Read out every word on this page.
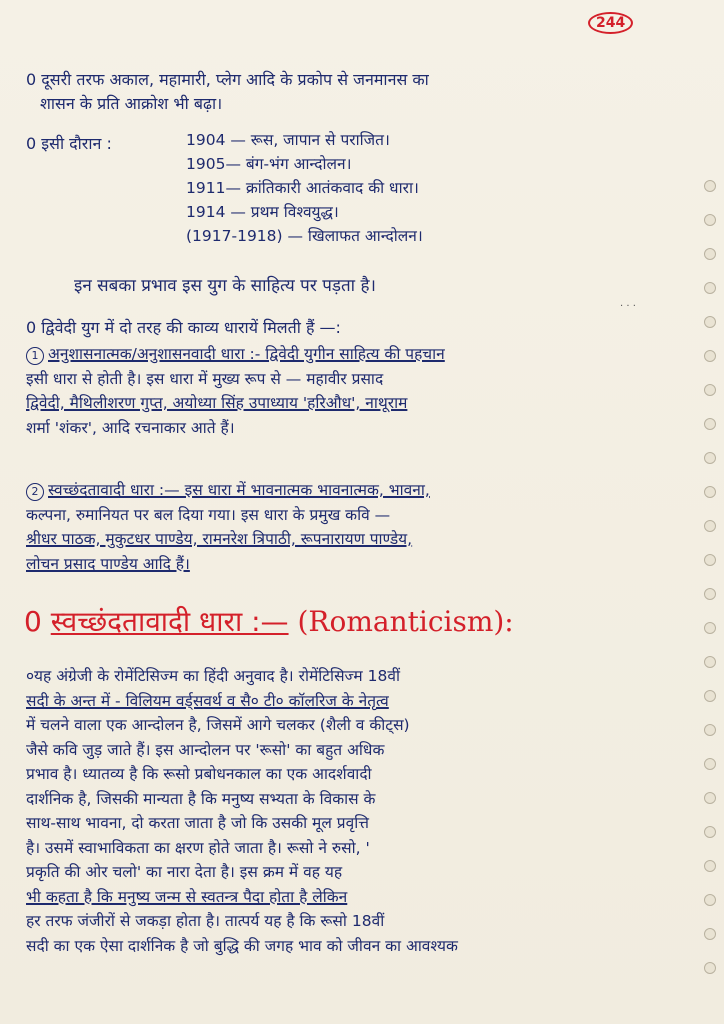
244
0 दूसरी तरफ अकाल, महामारी, प्लेग आदि के प्रकोप से जनमानस का
शासन के प्रति आक्रोश भी बढ़ा।
0 इसी दौरान :	1904 — रूस, जापान से पराजित।
1905— बंग-भंग आन्दोलन।
1911— क्रांतिकारी आतंकवाद की धारा।
1914 — प्रथम विश्वयुद्ध।
(1917-1918) — खिलाफत आन्दोलन।
इन सबका प्रभाव इस युग के साहित्य पर पड़ता है।
. . .
0 द्विवेदी युग में दो तरह की काव्य धारायें मिलती हैं —:
1 अनुशासनात्मक/अनुशासनवादी धारा :- द्विवेदी युगीन साहित्य की पहचान
इसी धारा से होती है। इस धारा में मुख्य रूप से — महावीर प्रसाद
द्विवेदी, मैथिलीशरण गुप्त, अयोध्या सिंह उपाध्याय 'हरिऔध', नाथूराम
शर्मा 'शंकर', आदि रचनाकार आते हैं।
2 स्वच्छंदतावादी धारा :— इस धारा में भावनात्मक भावनात्मक, भावना,
कल्पना, रुमानियत पर बल दिया गया। इस धारा के प्रमुख कवि —
श्रीधर पाठक, मुकुटधर पाण्डेय, रामनरेश त्रिपाठी, रूपनारायण पाण्डेय,
लोचन प्रसाद पाण्डेय आदि हैं।
0 स्वच्छंदतावादी धारा :— (Romanticism):
०यह अंग्रेजी के रोमेंटिसिज्म का हिंदी अनुवाद है। रोमेंटिसिज्म 18वीं
सदी के अन्त में - विलियम वर्ड्सवर्थ व सै० टी० कॉलरिज के नेतृत्व
में चलने वाला एक आन्दोलन है, जिसमें आगे चलकर (शैली व कीट्स)
जैसे कवि जुड़ जाते हैं। इस आन्दोलन पर 'रूसो' का बहुत अधिक
प्रभाव है। ध्यातव्य है कि रूसो प्रबोधनकाल का एक आदर्शवादी
दार्शनिक है, जिसकी मान्यता है कि मनुष्य सभ्यता के विकास के
साथ-साथ भावना, दो करता जाता है जो कि उसकी मूल प्रवृत्ति
है। उसमें स्वाभाविकता का क्षरण होते जाता है। रूसो ने रुसो, '
प्रकृति की ओर चलो' का नारा देता है। इस क्रम में वह यह
भी कहता है कि मनुष्य जन्म से स्वतन्त्र पैदा होता है लेकिन
हर तरफ जंजीरों से जकड़ा होता है। तात्पर्य यह है कि रूसो 18वीं
सदी का एक ऐसा दार्शनिक है जो बुद्धि की जगह भाव को जीवन का आवश्यक
